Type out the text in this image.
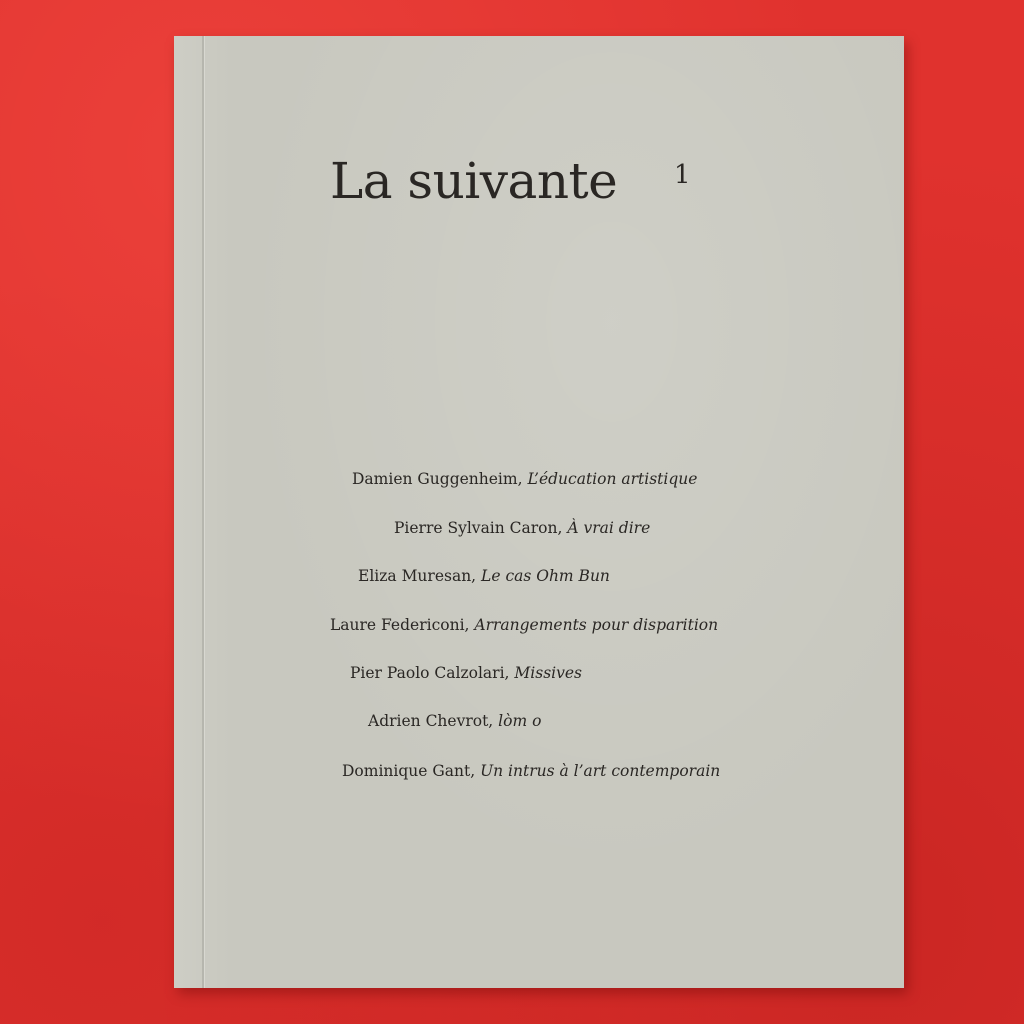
La suivante 1

Damien Guggenheim, L’éducation artistique

Pierre Sylvain Caron, À vrai dire

Eliza Muresan, Le cas Ohm Bun

Laure Federiconi, Arrangements pour disparition

Pier Paolo Calzolari, Missives

Adrien Chevrot, lòm o

Dominique Gant, Un intrus à l’art contemporain
